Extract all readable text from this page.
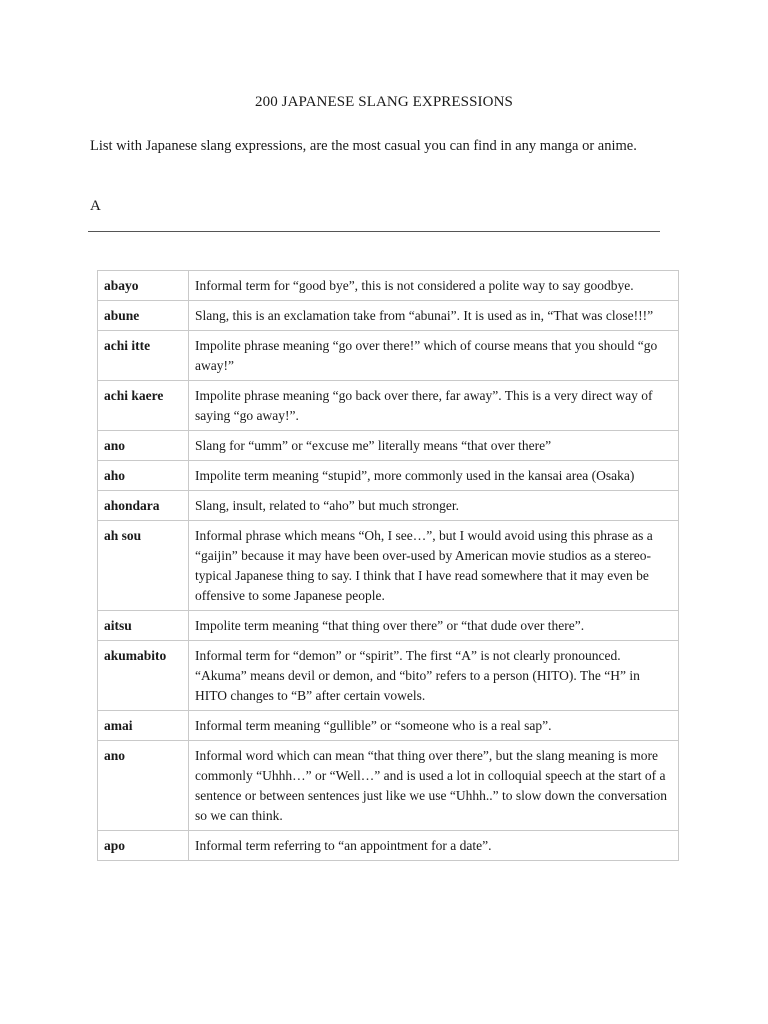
200 JAPANESE SLANG EXPRESSIONS
List with Japanese slang expressions, are the most casual you can find in any manga or anime.
A
abayo	Informal term for “good bye”, this is not considered a polite way to say goodbye.
abune	Slang, this is an exclamation take from “abunai”. It is used as in, “That was close!!!”
achi itte	Impolite phrase meaning “go over there!” which of course means that you should “go away!”
achi kaere	Impolite phrase meaning “go back over there, far away”. This is a very direct way of saying “go away!”.
ano	Slang for “umm” or “excuse me” literally means “that over there”
aho	Impolite term meaning “stupid”, more commonly used in the kansai area (Osaka)
ahondara	Slang, insult, related to “aho” but much stronger.
ah sou	Informal phrase which means “Oh, I see…”, but I would avoid using this phrase as a “gaijin” because it may have been over-used by American movie studios as a stereo-typical Japanese thing to say. I think that I have read somewhere that it may even be offensive to some Japanese people.
aitsu	Impolite term meaning “that thing over there” or “that dude over there”.
akumabito	Informal term for “demon” or “spirit”. The first “A” is not clearly pronounced. “Akuma” means devil or demon, and “bito” refers to a person (HITO). The “H” in HITO changes to “B” after certain vowels.
amai	Informal term meaning “gullible” or “someone who is a real sap”.
ano	Informal word which can mean “that thing over there”, but the slang meaning is more commonly “Uhhh…” or “Well…” and is used a lot in colloquial speech at the start of a sentence or between sentences just like we use “Uhhh..” to slow down the conversation so we can think.
apo	Informal term referring to “an appointment for a date”.
